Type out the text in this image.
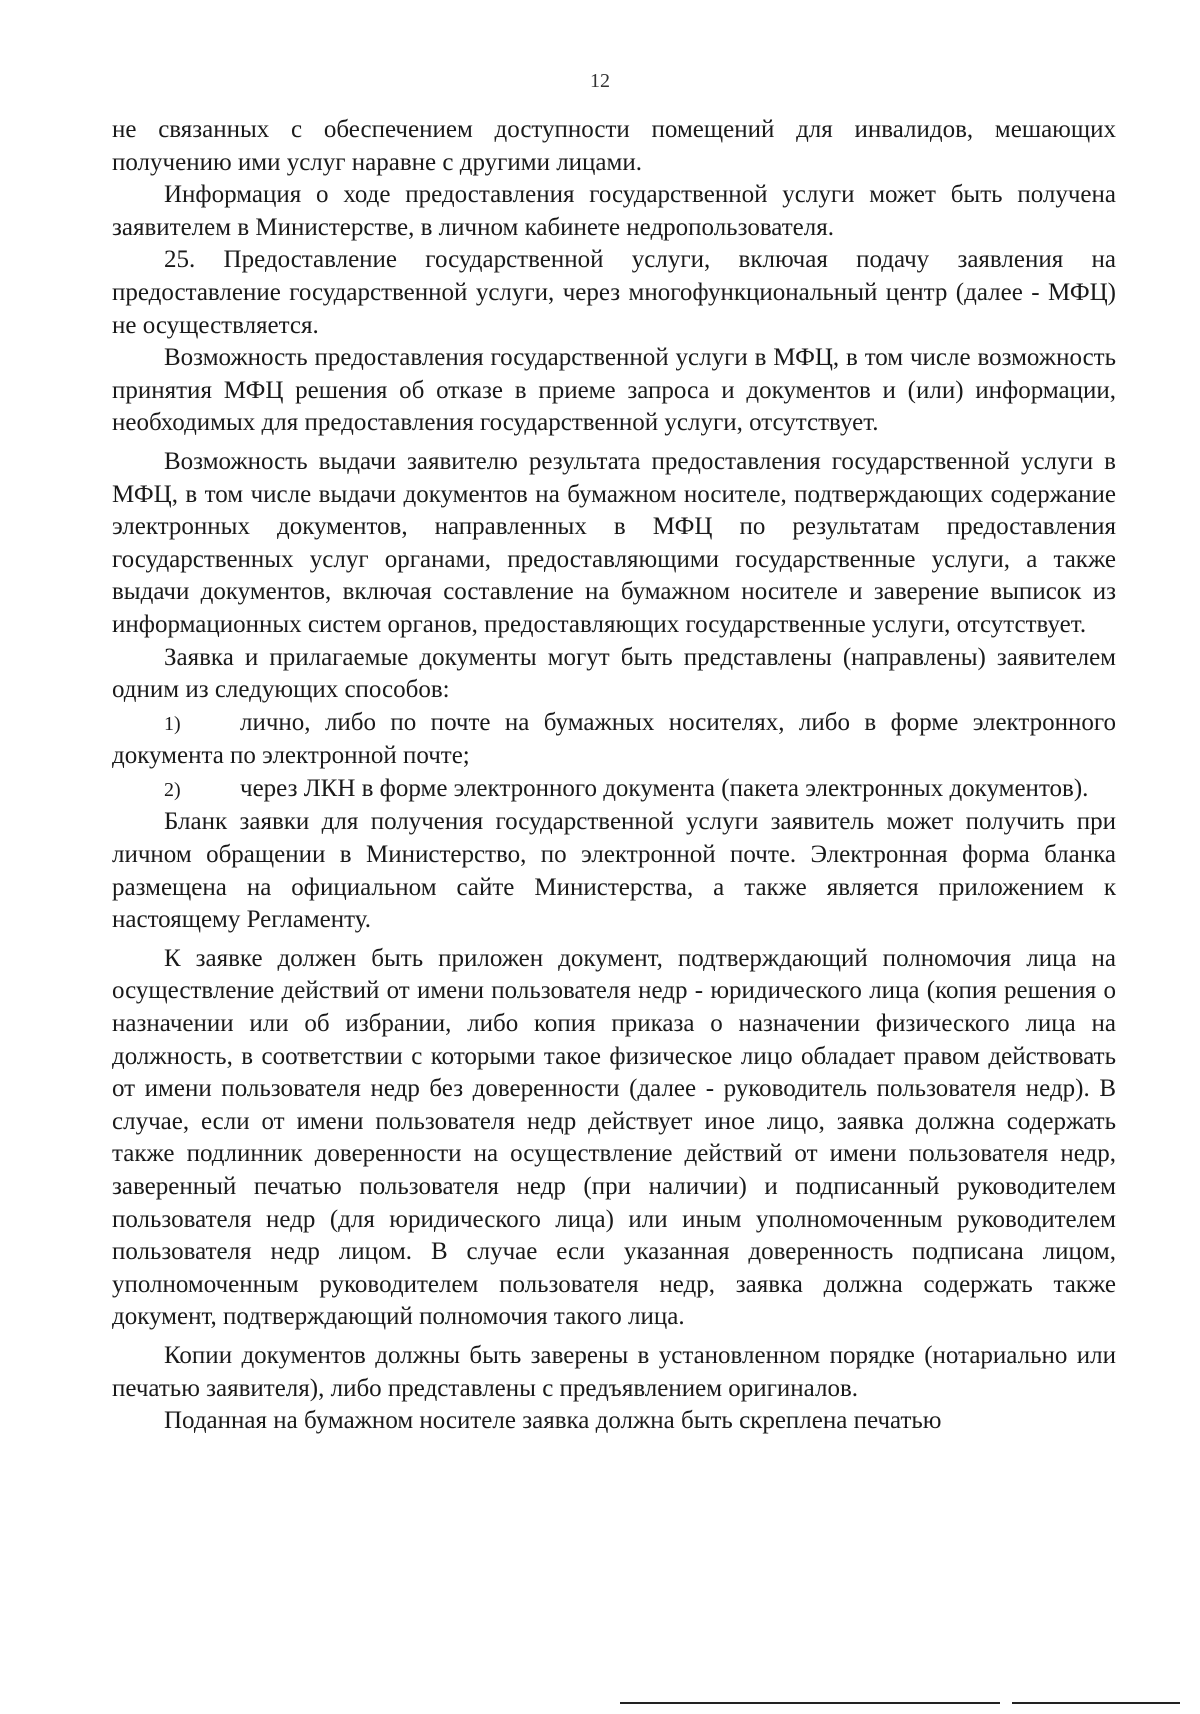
12

не связанных с обеспечением доступности помещений для инвалидов, мешающих получению ими услуг наравне с другими лицами.

Информация о ходе предоставления государственной услуги может быть получена заявителем в Министерстве, в личном кабинете недропользователя.

25. Предоставление государственной услуги, включая подачу заявления на предоставление государственной услуги, через многофункциональный центр (далее - МФЦ) не осуществляется.

Возможность предоставления государственной услуги в МФЦ, в том числе возможность принятия МФЦ решения об отказе в приеме запроса и документов и (или) информации, необходимых для предоставления государственной услуги, отсутствует.

Возможность выдачи заявителю результата предоставления государственной услуги в МФЦ, в том числе выдачи документов на бумажном носителе, подтверждающих содержание электронных документов, направленных в МФЦ по результатам предоставления государственных услуг органами, предоставляющими государственные услуги, а также выдачи документов, включая составление на бумажном носителе и заверение выписок из информационных систем органов, предоставляющих государственные услуги, отсутствует.

Заявка и прилагаемые документы могут быть представлены (направлены) заявителем одним из следующих способов:

1) лично, либо по почте на бумажных носителях, либо в форме электронного документа по электронной почте;

2) через ЛКН в форме электронного документа (пакета электронных документов).

Бланк заявки для получения государственной услуги заявитель может получить при личном обращении в Министерство, по электронной почте. Электронная форма бланка размещена на официальном сайте Министерства, а также является приложением к настоящему Регламенту.

К заявке должен быть приложен документ, подтверждающий полномочия лица на осуществление действий от имени пользователя недр - юридического лица (копия решения о назначении или об избрании, либо копия приказа о назначении физического лица на должность, в соответствии с которыми такое физическое лицо обладает правом действовать от имени пользователя недр без доверенности (далее - руководитель пользователя недр). В случае, если от имени пользователя недр действует иное лицо, заявка должна содержать также подлинник доверенности на осуществление действий от имени пользователя недр, заверенный печатью пользователя недр (при наличии) и подписанный руководителем пользователя недр (для юридического лица) или иным уполномоченным руководителем пользователя недр лицом. В случае если указанная доверенность подписана лицом, уполномоченным руководителем пользователя недр, заявка должна содержать также документ, подтверждающий полномочия такого лица.

Копии документов должны быть заверены в установленном порядке (нотариально или печатью заявителя), либо представлены с предъявлением оригиналов.

Поданная на бумажном носителе заявка должна быть скреплена печатью
